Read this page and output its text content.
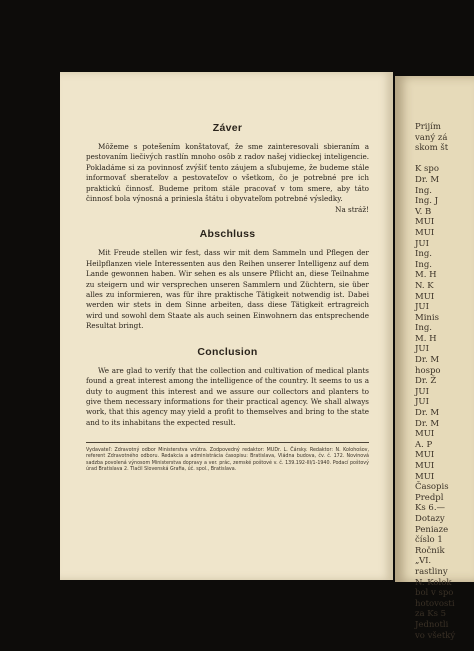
Záver

Môžeme s potešením konštatovať, že sme zainteresovali sbieraním a pestovaním liečivých rastlín mnoho osôb z radov našej vidieckej inteligencie. Pokladáme si za povinnosť zvýšiť tento záujem a sľubujeme, že budeme stále informovať sberateľov a pestovateľov o všetkom, čo je potrebné pre ich praktickú činnosť. Budeme pritom stále pracovať v tom smere, aby táto činnosť bola výnosná a priniesla štátu i obyvateľom potrebné výsledky.

Na stráž!

Abschluss

Mit Freude stellen wir fest, dass wir mit dem Sammeln und Pflegen der Heilpflanzen viele Interessenten aus den Reihen unserer Intelligenz auf dem Lande gewonnen haben. Wir sehen es als unsere Pflicht an, diese Teilnahme zu steigern und wir versprechen unseren Sammlern und Züchtern, sie über alles zu informieren, was für ihre praktische Tätigkeit notwendig ist. Dabei werden wir stets in dem Sinne arbeiten, dass diese Tätigkeit ertragreich wird und sowohl dem Staate als auch seinen Einwohnern das entsprechende Resultat bringt.

Conclusion

We are glad to verify that the collection and cultivation of medical plants found a great interest among the intelligence of the country. It seems to us a duty to augment this interest and we assure our collectors and planters to give them necessary informations for their practical agency. We shall always work, that this agency may yield a profit to themselves and bring to the state and to its inhabitans the expected result.

Vydavateľ: Zdravotný odbor Ministerstva vnútra. Zodpovedný redaktor: MUDr. L. Čársky. Redaktor: N. Kolohošov, referent Zdravotného odboru. Redakcia a administrácia časopisu: Bratislava, Vládna budova, čv. č. 172. Novinová sadzba povolená výnosom Ministerstva dopravy a ver. prác, zemské poštové v. č. 139.192-III/1-1940. Podací poštový úrad Bratislava 2. Tlačil Slovenská Grafia, úč. spol., Bratislava.

Prijím
vaný zá
skom št

K spo
Dr. M
Ing.
Ing. J
V. B
MUI
MUI
JUI
Ing.
Ing.
M. H
N. K
MUI
JUI
Minis
Ing.
M. H
JUI
Dr. M
hospo
Dr. Ž
JUI
JUI
Dr. M
Dr. M
MUI
A. P
MUI
MUI
MUI
Časopis
Predpl
Ks 6.—
Dotazy
Peniaze
číslo 1
Ročnik
„VI.
rastliny
N. Kolok
bol v spo
hotovosti
za Ks 5
Jednotli
vo všetký
